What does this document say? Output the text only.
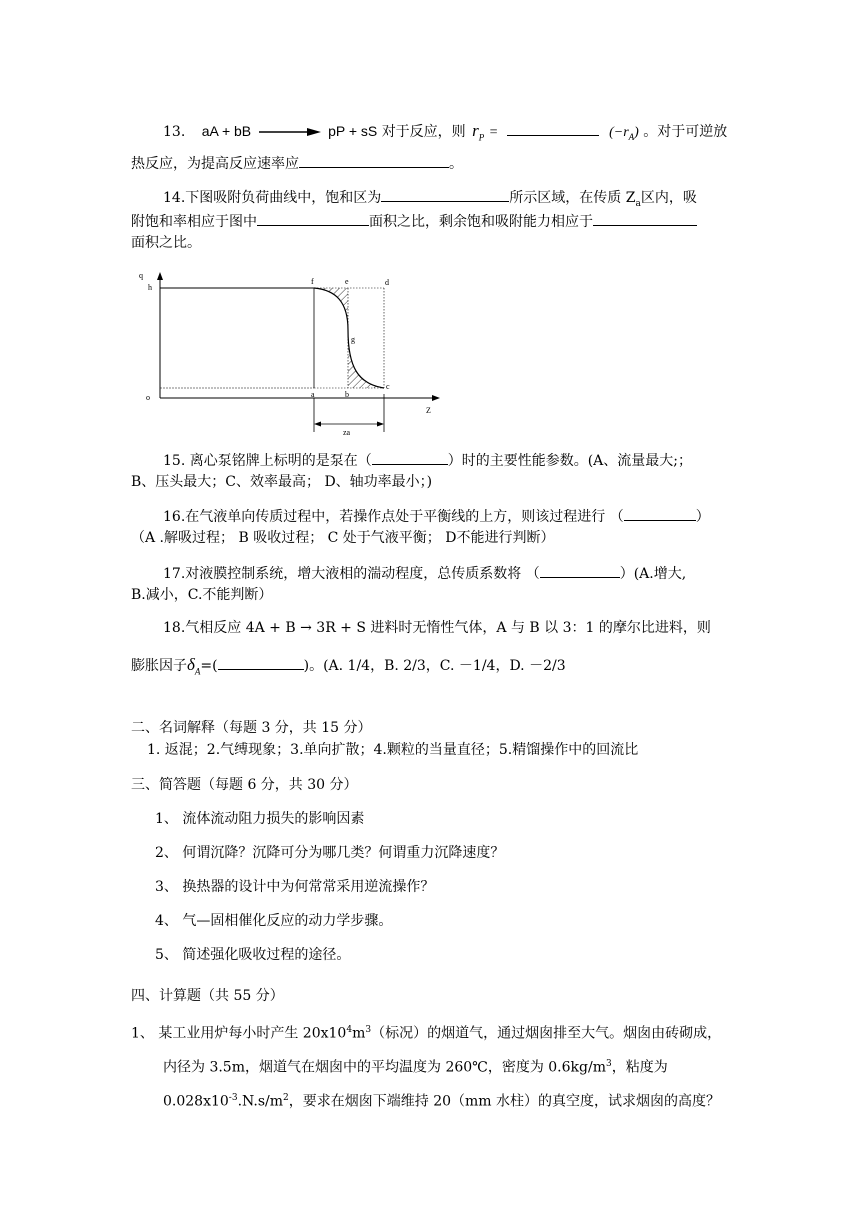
13. aA + bB	pP + sS 对于反应，则 $r_P$ =	$(-r_A)$ 。对于可逆放
热反应，为提高反应速率应	。
14.下图吸附负荷曲线中，饱和区为	所示区域，在传质 $Z_a$区内，吸
附饱和率相应于图中	面积之比，剩余饱和吸附能力相应于
面积之比。
q
h
o
f	e	d
g
a	b
c
Z
za
15. 离心泵铭牌上标明的是泵在（	）时的主要性能参数。(A、流量最大;；
B、压头最大；C、效率最高； D、轴功率最小；)
16.在气液单向传质过程中，若操作点处于平衡线的上方，则该过程进行 （	）
（A .解吸过程； B 吸收过程； C 处于气液平衡； D不能进行判断）
17.对液膜控制系统，增大液相的湍动程度，总传质系数将 （	）(A.增大,
B.减小，C.不能判断）
18.气相反应 4A + B → 3R + S 进料时无惰性气体，A 与 B 以 3：1 的摩尔比进料，则
膨胀因子$\delta_A=$(	)。(A. 1/4，B. 2/3，C. －1/4，D. －2/3
二、名词解释（每题 3 分，共 15 分）
1. 返混；2.气缚现象；3.单向扩散；4.颗粒的当量直径；5.精馏操作中的回流比
三、简答题（每题 6 分，共 30 分）
1、 流体流动阻力损失的影响因素
2、 何谓沉降？沉降可分为哪几类？何谓重力沉降速度？
3、 换热器的设计中为何常常采用逆流操作？
4、 气—固相催化反应的动力学步骤。
5、 简述强化吸收过程的途径。
四、计算题（共 55 分）
1、 某工业用炉每小时产生 $20x10^4m^3$（标况）的烟道气，通过烟囱排至大气。烟囱由砖砌成，
内径为 3.5m，烟道气在烟囱中的平均温度为 260℃，密度为 $0.6kg/m^3$，粘度为
$0.028x10^{-3}.N.s/m^2$，要求在烟囱下端维持 20（mm 水柱）的真空度，试求烟囱的高度？
